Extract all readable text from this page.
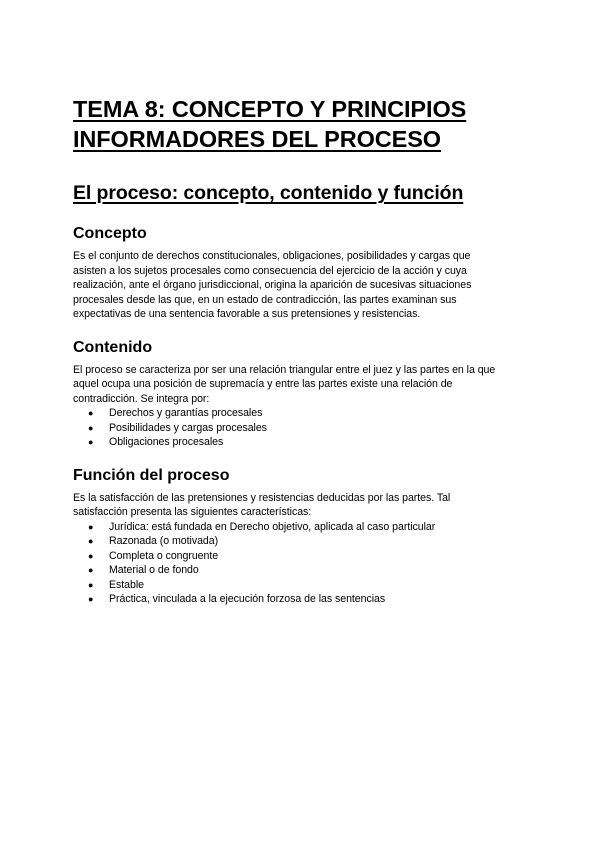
TEMA 8: CONCEPTO Y PRINCIPIOS
INFORMADORES DEL PROCESO
El proceso: concepto, contenido y función
Concepto

Es el conjunto de derechos constitucionales, obligaciones, posibilidades y cargas que
asisten a los sujetos procesales como consecuencia del ejercicio de la acción y cuya
realización, ante el órgano jurisdiccional, origina la aparición de sucesivas situaciones
procesales desde las que, en un estado de contradicción, las partes examinan sus
expectativas de una sentencia favorable a sus pretensiones y resistencias.

Contenido

El proceso se caracteriza por ser una relación triangular entre el juez y las partes en la que
aquel ocupa una posición de supremacía y entre las partes existe una relación de
contradicción. Se integra por:

● Derechos y garantías procesales
● Posibilidades y cargas procesales
● Obligaciones procesales
Función del proceso

Es la satisfacción de las pretensiones y resistencias deducidas por las partes. Tal
satisfacción presenta las siguientes características:

● Jurídica: está fundada en Derecho objetivo, aplicada al caso particular
● Razonada (o motivada)
● Completa o congruente
● Material o de fondo
● Estable
● Práctica, vinculada a la ejecución forzosa de las sentencias
